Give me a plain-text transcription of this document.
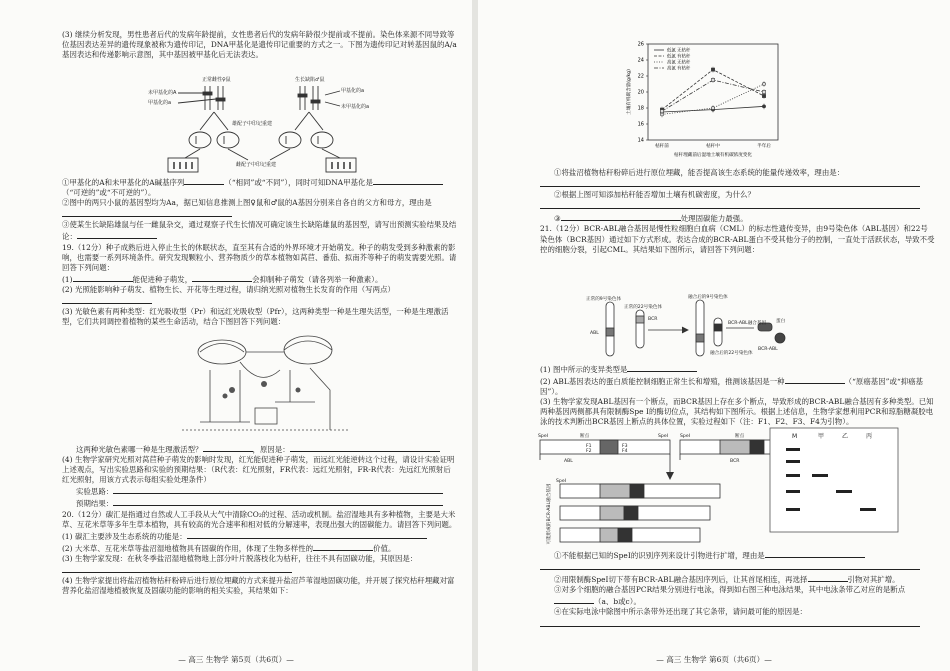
(3) 继续分析发现，男性患者后代的发病年龄提前，女性患者后代的发病年龄很少提前或不提前。染色体来源不同导致等位基因表达差异的遗传现象被称为遗传印记，DNA甲基化是遗传印记重要的方式之一。下图为遗传印记对转基因鼠的A/a基因表达和传递影响示意图，其中基因被甲基化后无法表达。

正常雌性♀鼠	生长缺陷♂鼠
未甲基化的A
甲基化的a
甲基化的a
未甲基化的a
雄配子中印记重建
雌配子中印记重建

①甲基化的A和未甲基化的A碱基序列	（“相同”或“不同”），同时可知DNA甲基化是（“可逆的”或“不可逆的”）。

②图中的两只小鼠的基因型均为Aa，据已知信息推测上图♀鼠和♂鼠的A基因分别来自各自的父方和母方，理由是

③使某生长缺陷雄鼠与任一雌鼠杂交，通过观察子代生长情况可确定该生长缺陷雄鼠的基因型，请写出预测实验结果及结论：

19.（12分）种子成熟后进入停止生长的休眠状态，直至其有合适的外界环境才开始萌发。种子的萌发受到多种激素的影响，也需要一系列环境条件。研究发现颗粒小、营养物质少的草本植物如莴苣、番茄、拟南芥等种子的萌发需要光照。请回答下列问题：

(1)	能促进种子萌发，	会抑制种子萌发（请各列举一种激素）。

(2) 光照能影响种子萌发、植物生长、开花等生理过程，请归纳光照对植物生长发育的作用（写两点）

(3) 光敏色素有两种类型：红光吸收型（Pr）和远红光吸收型（Pfr），这两种类型一种是生理失活型，一种是生理激活型，它们共同调控着植物的某些生命活动，结合下图回答下列问题：

这两种光敏色素哪一种是生理激活型？	，原因是：

(4) 生物学家研究光照对莴苣种子萌发的影响时发现，红光能促进种子萌发，而远红光能逆转这个过程，请设计实验证明上述观点，写出实验思路和实验的预期结果：（R代表：红光照射，FR代表：远红光照射，FR-R代表：先远红光照射后红光照射，用该方式表示每组实验处理条件）

实验思路：

预期结果：

20.（12分）碳汇是指通过自然或人工手段从大气中清除CO₂的过程、活动或机制。盐沼湿地具有多种植物，主要是大米草、互花米草等多年生草本植物，具有较高的光合速率和相对低的分解速率，表现出强大的固碳能力。请回答下列问题。

(1) 碳汇主要涉及生态系统的功能是：

(2) 大米草、互花米草等盐沼湿地植物具有固碳的作用，体现了生物多样性的	价值。

(3) 生物学家发现：在秋冬季盐沼湿地植物地上部分叶片脱落枝化为枯秆，往往不具有固碳功能，其原因是：

(4) 生物学家提出将盐沼植物枯秆粉碎后进行原位埋藏的方式来提升盐沼芦苇湿地固碳功能，并开展了探究枯秆埋藏对富营养化盐沼湿地植被恢复及固碳功能的影响的相关实验，其结果如下：

— 高三 生物学 第5页（共6页）—
14
16
18
20
22
24
26
枯秆前	枯秆中	半年后
土壤有机碳含量(g/kg)
枯秆埋藏前后湿地土壤有机碳浓度变化
低氮 无枯秆
低氮 有枯秆
高氮 无枯秆
高氮 有枯秆

①将盐沼植物枯秆粉碎后进行原位埋藏，能否提高该生态系统的能量传递效率，理由是：

②根据上图可知添加枯秆能否增加土壤有机碳密度，为什么？

③	处理固碳能力最强。

21.（12分）BCR-ABL融合基因是慢性粒细胞白血病（CML）的标志性遗传变异，由9号染色体（ABL基因）和22号染色体（BCR基因）通过如下方式形成。表达合成的BCR-ABL蛋白不受其他分子的控制，一直处于活跃状态，导致不受控的细胞分裂，引起CML。其结果如下图所示，请回答下列问题：

正常的9号染色体
正常的22号染色体
融合后的9号染色体
融合后的22号染色体
ABL
BCR
BCR-ABL融合基因 蛋白
BCR-ABL

(1) 图中所示的变异类型是

(2) ABL基因表达的蛋白质能控制细胞正常生长和增殖，推测该基因是一种	（“原癌基因”或“抑癌基因”）。

(3) 生物学家发现ABL基因有一个断点，而BCR基因上存在多个断点，导致形成的BCR-ABL融合基因有多种类型。已知两种基因两侧都具有限制酶Spe Ⅰ的酶切位点，其结构如下图所示。根据上述信息，生物学家想利用PCR和琼脂糖凝胶电泳的技术判断出BCR基因上断点的具体位置，实验过程如下（注：F1、F2、F3、F4为引物）。

SpeⅠ	SpeⅠ	SpeⅠ
断点	断点
ABL	BCR
F1
F2
F3
F4
SpeⅠ
可能形成的BCR-ABL融合基因
M	甲	乙	丙

①不能根据已知的SpeⅠ的识别序列来设计引物进行扩增，理由是

②用限制酶SpeⅠ切下带有BCR-ABL融合基因序列后，让其首尾相连，再选择	引物对其扩增。

③对多个细胞的融合基因PCR结果分别进行电泳，得到如右图三种电泳结果，其中电泳条带乙对应的是断点（a、b或c）。

④在实际电泳中除图中所示条带外还出现了其它条带，请问最可能的原因是：

— 高三 生物学 第6页（共6页）—
